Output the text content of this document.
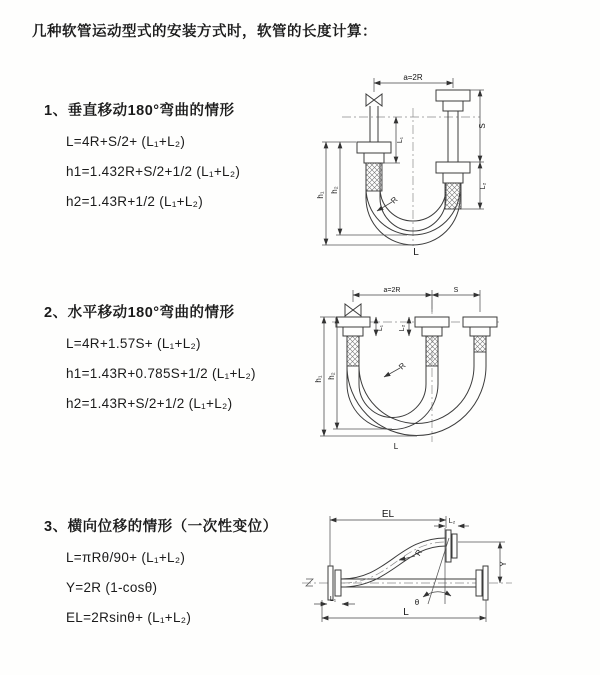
几种软管运动型式的安装方式时，软管的长度计算：
1、垂直移动180°弯曲的情形
L=4R+S/2+ (L₁+L₂)
h1=1.432R+S/2+1/2 (L₁+L₂)
h2=1.43R+1/2 (L₁+L₂)
2、水平移动180°弯曲的情形
L=4R+1.57S+ (L₁+L₂)
h1=1.43R+0.785S+1/2 (L₁+L₂)
h2=1.43R+S/2+1/2 (L₁+L₂)
3、横向位移的情形（一次性变位）
L=πRθ/90+ (L₁+L₂)
Y=2R (1-cosθ)
EL=2Rsinθ+ (L₁+L₂)
a=2R
h₁
h₂
L₁
S
L₂
R
L
a=2R	S
h₁ h₂
L₁ L₂
R
L
θ
EL
L₂
Y
L
L₁
R
